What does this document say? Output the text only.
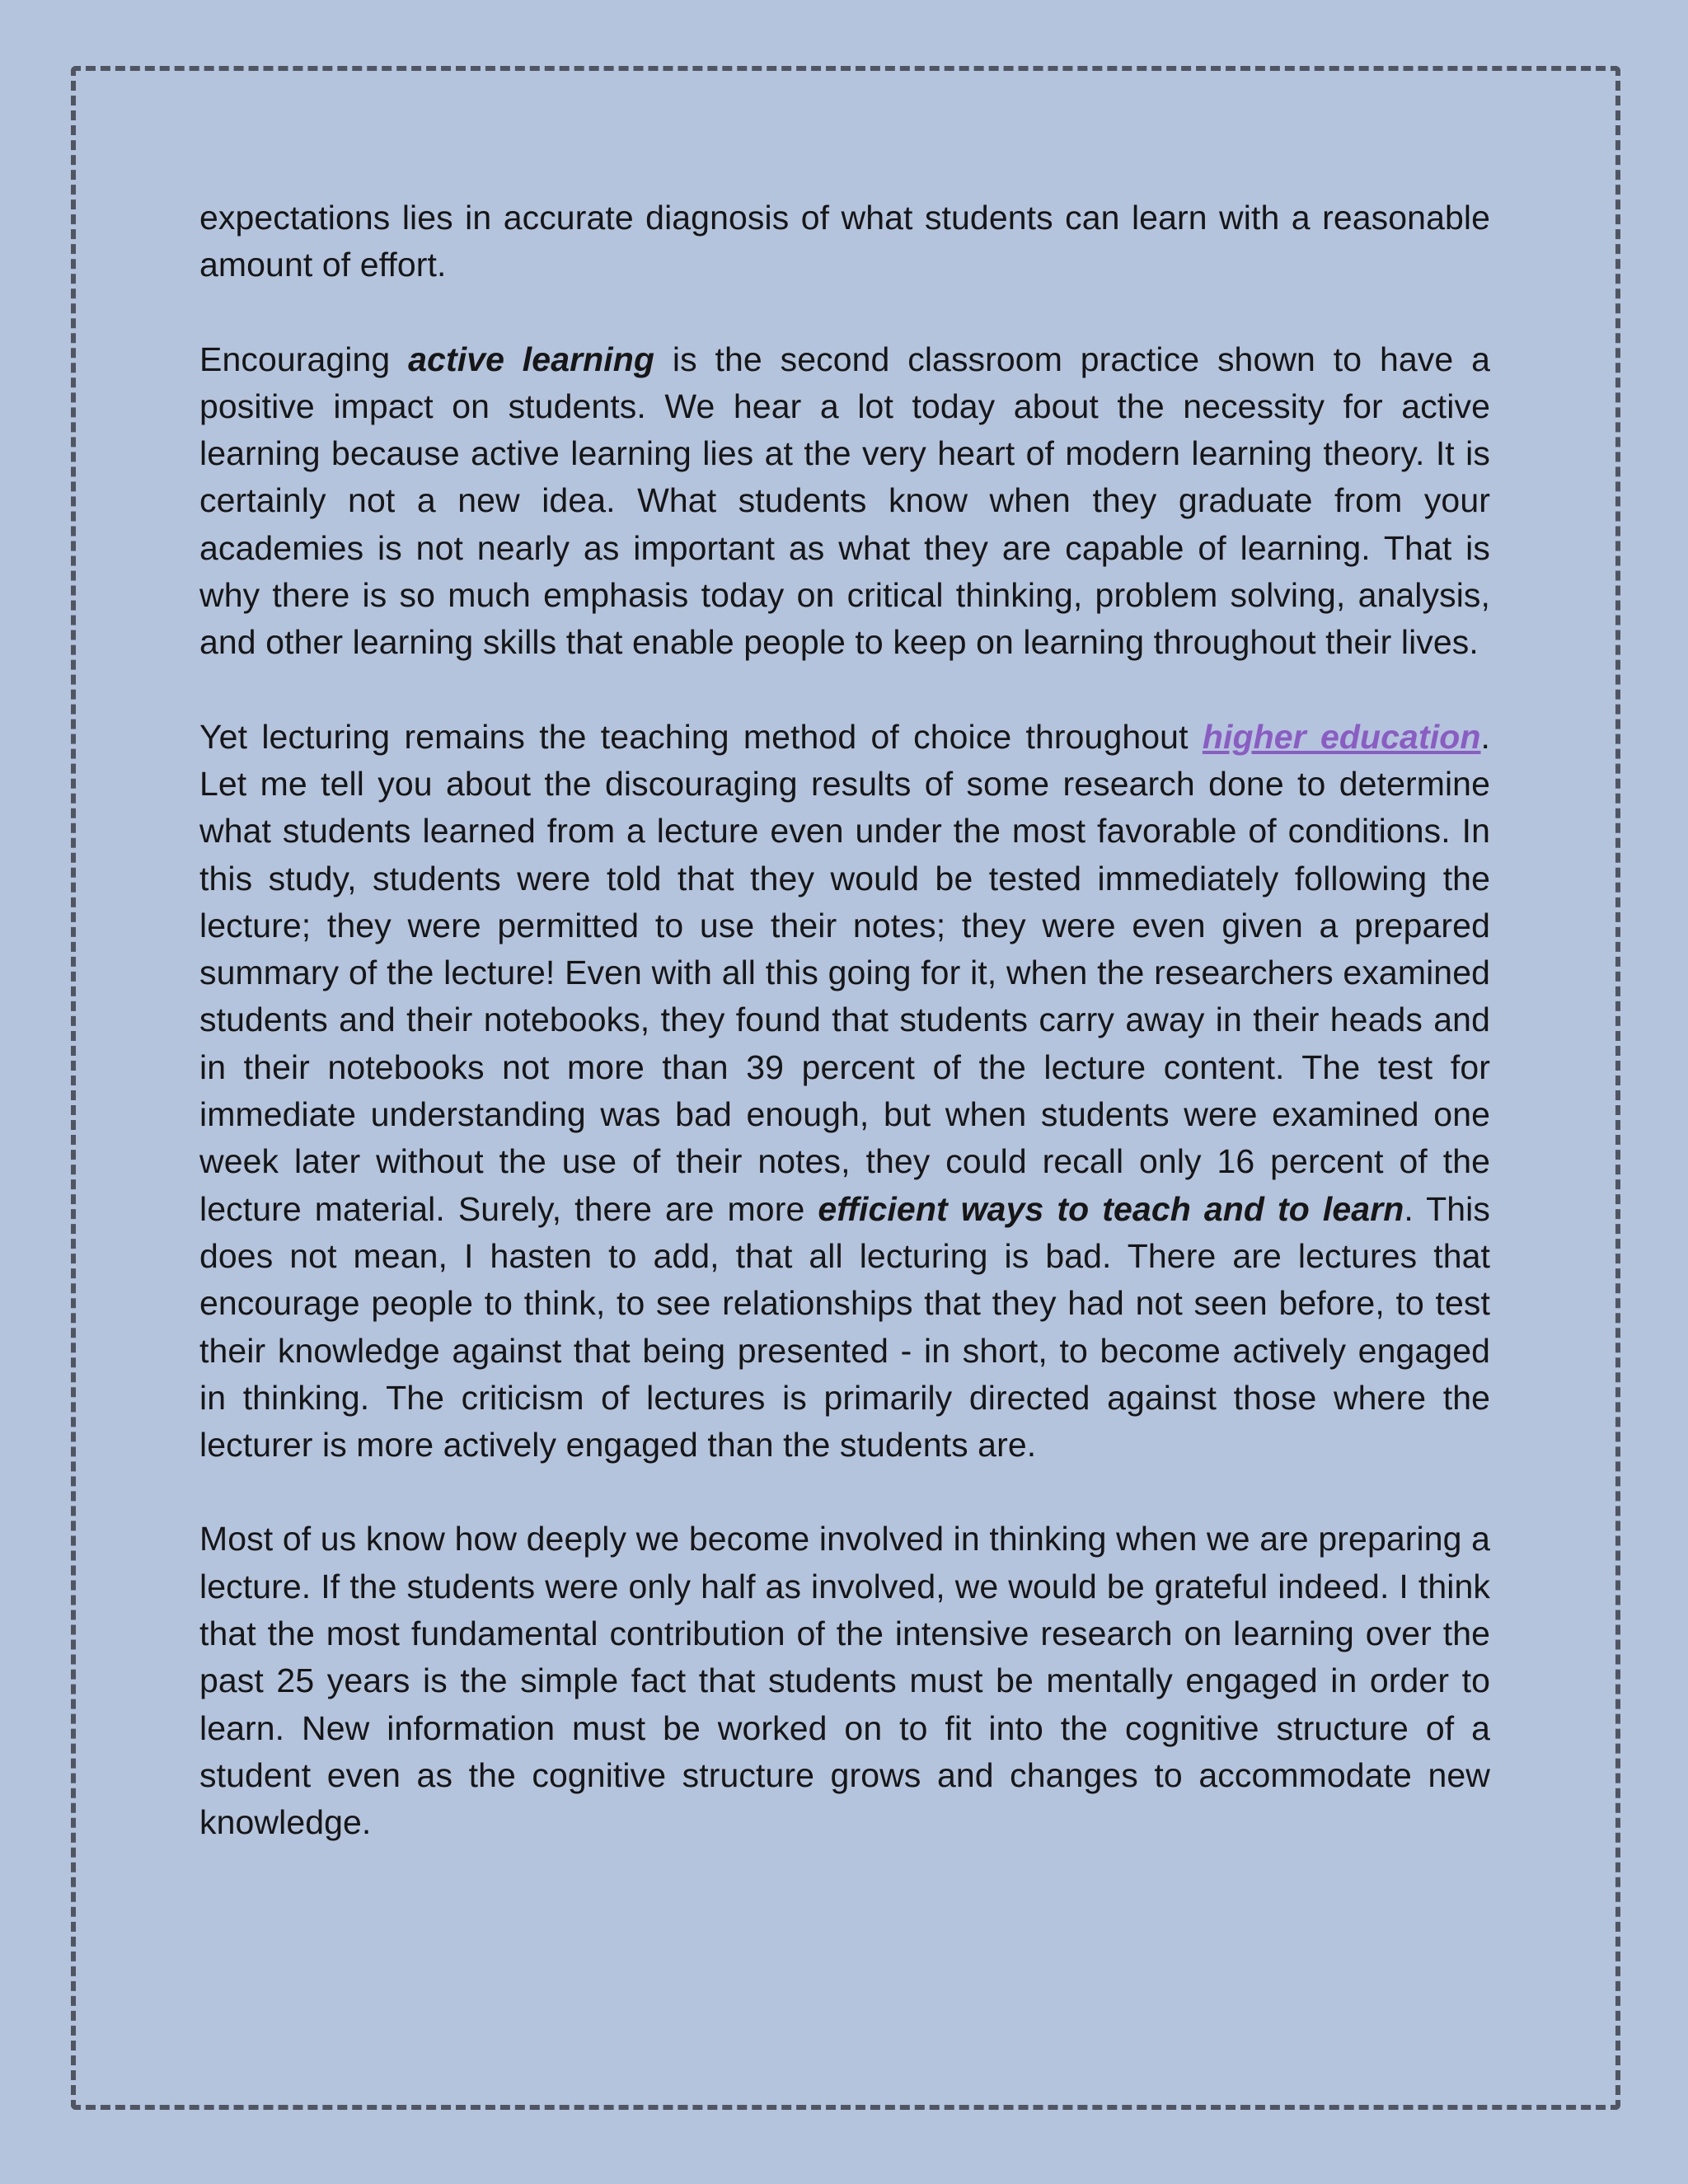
expectations lies in accurate diagnosis of what students can learn with a reasonable amount of effort.

Encouraging active learning is the second classroom practice shown to have a positive impact on students. We hear a lot today about the necessity for active learning because active learning lies at the very heart of modern learning theory. It is certainly not a new idea. What students know when they graduate from your academies is not nearly as important as what they are capable of learning. That is why there is so much emphasis today on critical thinking, problem solving, analysis, and other learning skills that enable people to keep on learning throughout their lives.

Yet lecturing remains the teaching method of choice throughout higher education. Let me tell you about the discouraging results of some research done to determine what students learned from a lecture even under the most favorable of conditions. In this study, students were told that they would be tested immediately following the lecture; they were permitted to use their notes; they were even given a prepared summary of the lecture! Even with all this going for it, when the researchers examined students and their notebooks, they found that students carry away in their heads and in their notebooks not more than 39 percent of the lecture content. The test for immediate understanding was bad enough, but when students were examined one week later without the use of their notes, they could recall only 16 percent of the lecture material. Surely, there are more efficient ways to teach and to learn. This does not mean, I hasten to add, that all lecturing is bad. There are lectures that encourage people to think, to see relationships that they had not seen before, to test their knowledge against that being presented - in short, to become actively engaged in thinking. The criticism of lectures is primarily directed against those where the lecturer is more actively engaged than the students are.

Most of us know how deeply we become involved in thinking when we are preparing a lecture. If the students were only half as involved, we would be grateful indeed. I think that the most fundamental contribution of the intensive research on learning over the past 25 years is the simple fact that students must be mentally engaged in order to learn. New information must be worked on to fit into the cognitive structure of a student even as the cognitive structure grows and changes to accommodate new knowledge.
